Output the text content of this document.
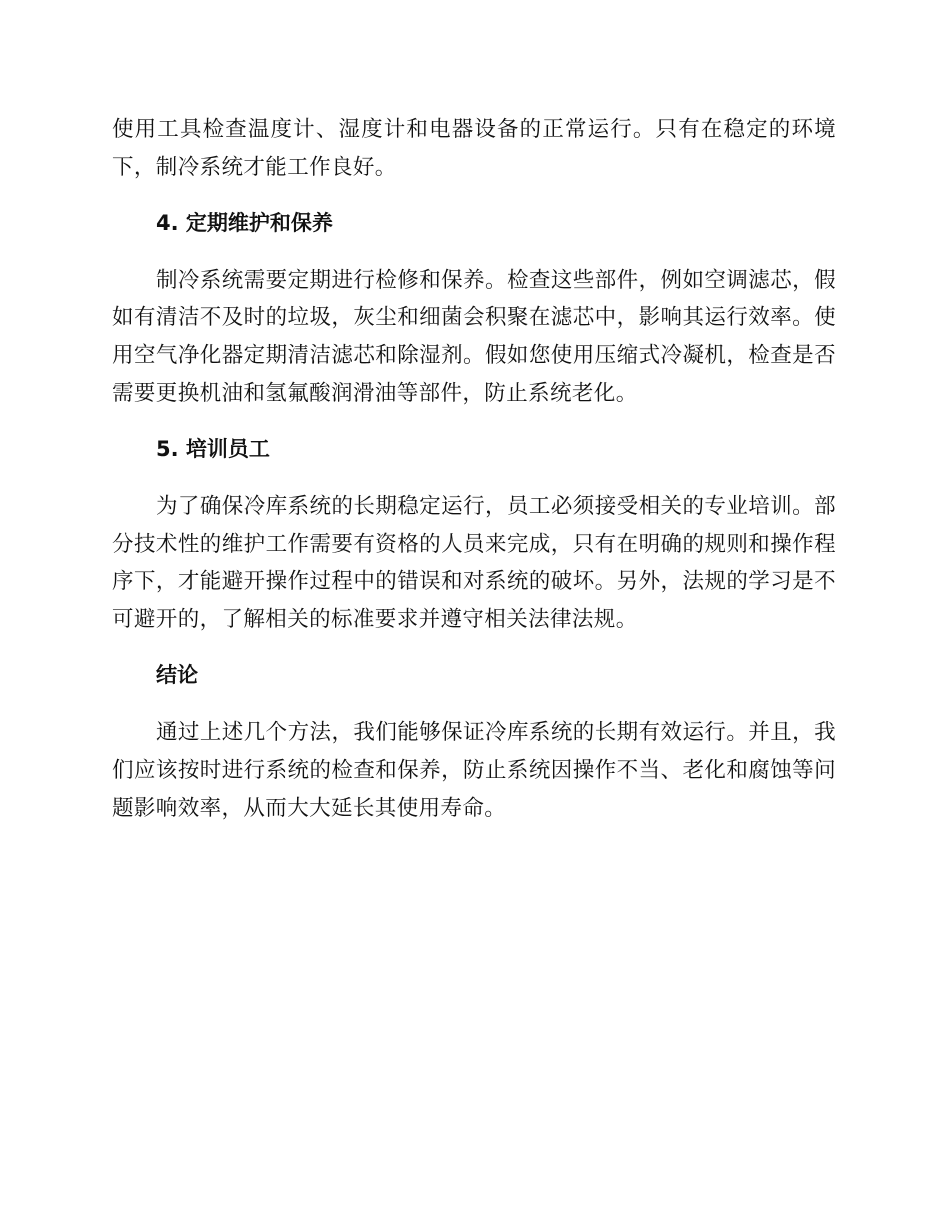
使用工具检查温度计、湿度计和电器设备的正常运行。只有在稳定的环境下，制冷系统才能工作良好。

4. 定期维护和保养

制冷系统需要定期进行检修和保养。检查这些部件，例如空调滤芯，假如有清洁不及时的垃圾，灰尘和细菌会积聚在滤芯中，影响其运行效率。使用空气净化器定期清洁滤芯和除湿剂。假如您使用压缩式冷凝机，检查是否需要更换机油和氢氟酸润滑油等部件，防止系统老化。

5. 培训员工

为了确保冷库系统的长期稳定运行，员工必须接受相关的专业培训。部分技术性的维护工作需要有资格的人员来完成，只有在明确的规则和操作程序下，才能避开操作过程中的错误和对系统的破坏。另外，法规的学习是不可避开的，了解相关的标准要求并遵守相关法律法规。

结论

通过上述几个方法，我们能够保证冷库系统的长期有效运行。并且，我们应该按时进行系统的检查和保养，防止系统因操作不当、老化和腐蚀等问题影响效率，从而大大延长其使用寿命。
